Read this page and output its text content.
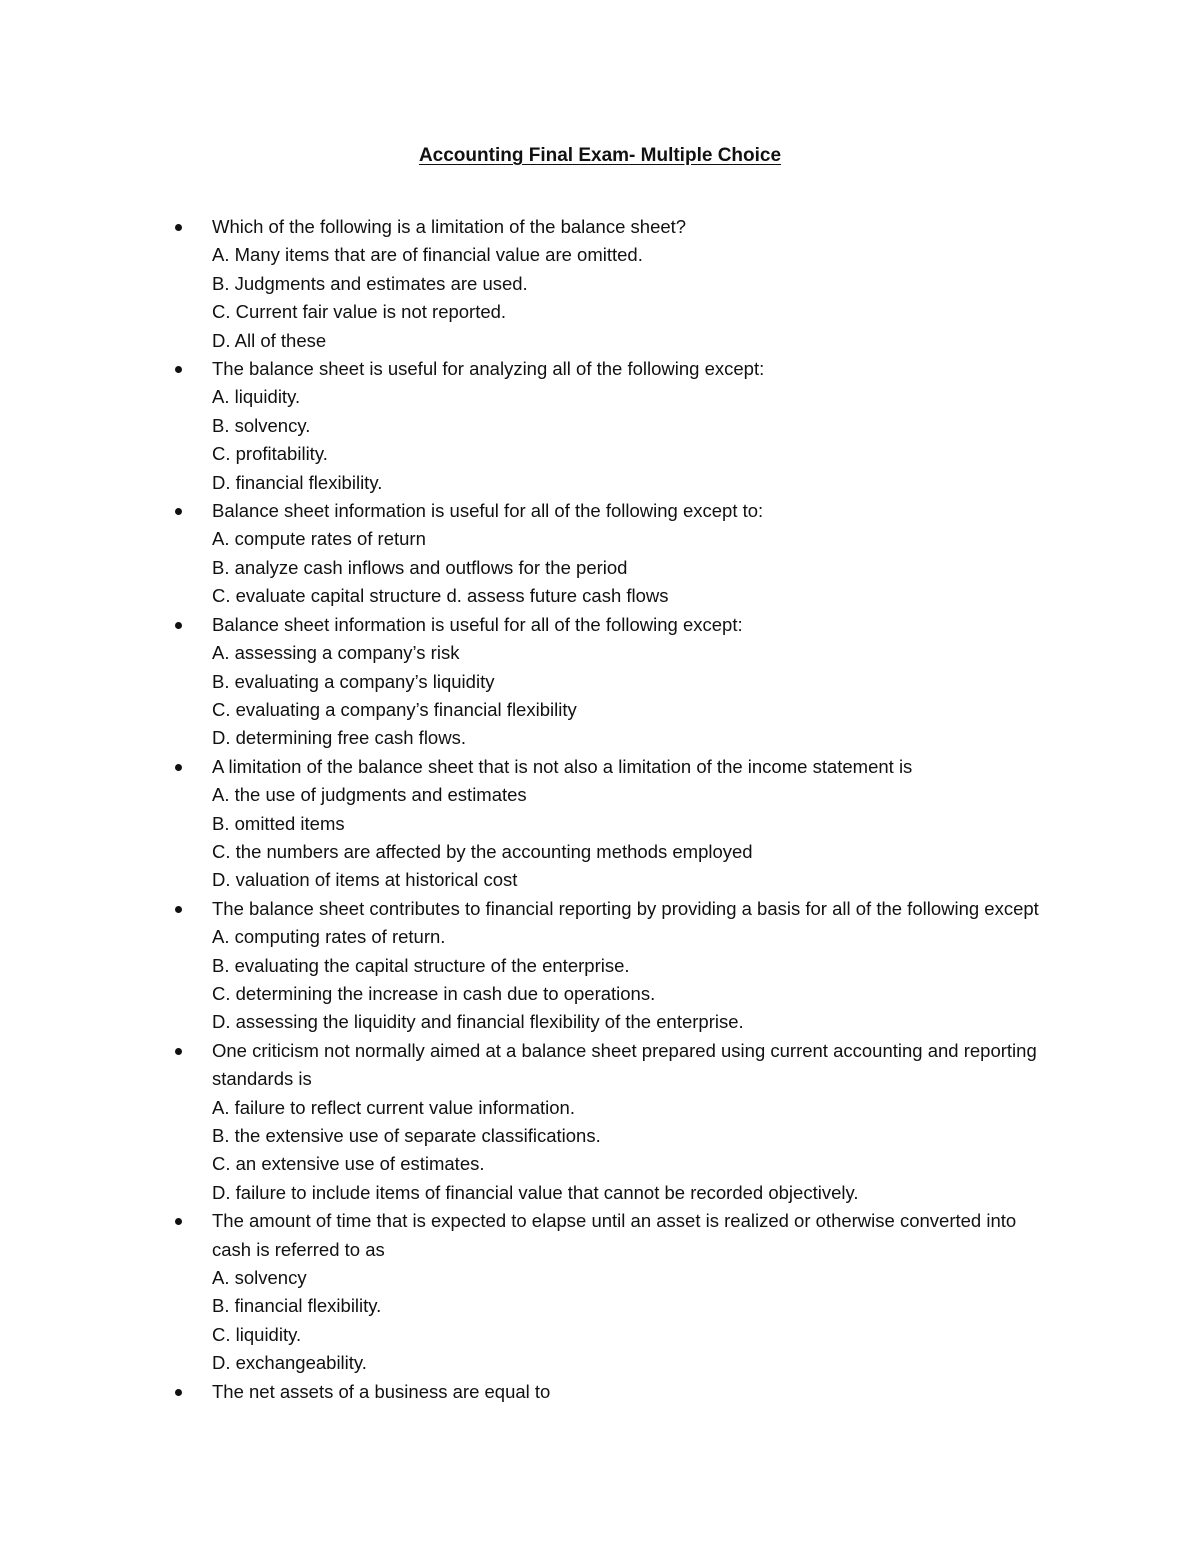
Accounting Final Exam- Multiple Choice
Which of the following is a limitation of the balance sheet?
A. Many items that are of financial value are omitted.
B. Judgments and estimates are used.
C. Current fair value is not reported.
D. All of these
The balance sheet is useful for analyzing all of the following except:
A. liquidity.
B. solvency.
C. profitability.
D. financial flexibility.
Balance sheet information is useful for all of the following except to:
A. compute rates of return
B. analyze cash inflows and outflows for the period
C. evaluate capital structure d. assess future cash flows
Balance sheet information is useful for all of the following except:
A. assessing a company’s risk
B. evaluating a company’s liquidity
C. evaluating a company’s financial flexibility
D. determining free cash flows.
A limitation of the balance sheet that is not also a limitation of the income statement is
A. the use of judgments and estimates
B. omitted items
C. the numbers are affected by the accounting methods employed
D. valuation of items at historical cost
The balance sheet contributes to financial reporting by providing a basis for all of the following except A. computing rates of return.
B. evaluating the capital structure of the enterprise.
C. determining the increase in cash due to operations.
D. assessing the liquidity and financial flexibility of the enterprise.
One criticism not normally aimed at a balance sheet prepared using current accounting and reporting standards is
A. failure to reflect current value information.
B. the extensive use of separate classifications.
C. an extensive use of estimates.
D. failure to include items of financial value that cannot be recorded objectively.
The amount of time that is expected to elapse until an asset is realized or otherwise converted into cash is referred to as
A. solvency
B. financial flexibility.
C. liquidity.
D. exchangeability.
The net assets of a business are equal to
